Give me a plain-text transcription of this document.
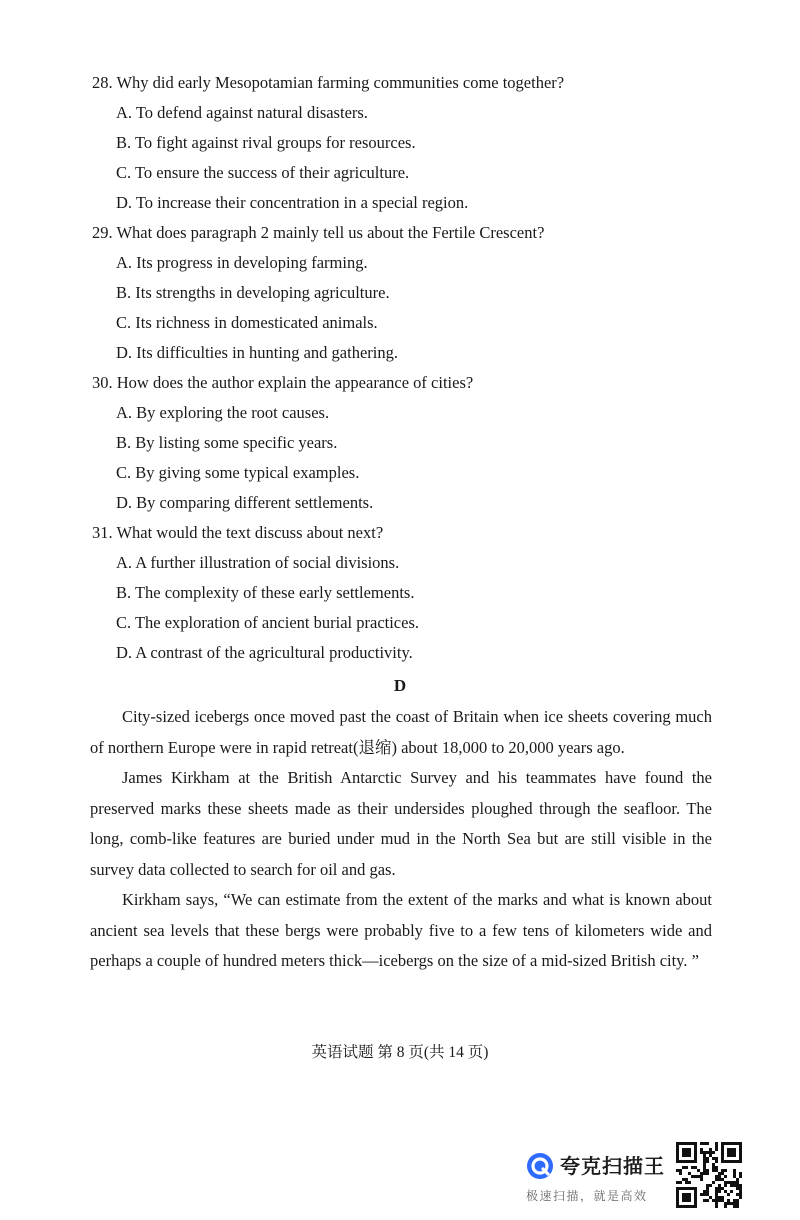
28. Why did early Mesopotamian farming communities come together?
A. To defend against natural disasters.
B. To fight against rival groups for resources.
C. To ensure the success of their agriculture.
D. To increase their concentration in a special region.
29. What does paragraph 2 mainly tell us about the Fertile Crescent?
A. Its progress in developing farming.
B. Its strengths in developing agriculture.
C. Its richness in domesticated animals.
D. Its difficulties in hunting and gathering.
30. How does the author explain the appearance of cities?
A. By exploring the root causes.
B. By listing some specific years.
C. By giving some typical examples.
D. By comparing different settlements.
31. What would the text discuss about next?
A. A further illustration of social divisions.
B. The complexity of these early settlements.
C. The exploration of ancient burial practices.
D. A contrast of the agricultural productivity.
D

City-sized icebergs once moved past the coast of Britain when ice sheets covering much of northern Europe were in rapid retreat(退缩) about 18,000 to 20,000 years ago.

James Kirkham at the British Antarctic Survey and his teammates have found the preserved marks these sheets made as their undersides ploughed through the seafloor. The long, comb-like features are buried under mud in the North Sea but are still visible in the survey data collected to search for oil and gas.

Kirkham says, “We can estimate from the extent of the marks and what is known about ancient sea levels that these bergs were probably five to a few tens of kilometers wide and perhaps a couple of hundred meters thick—icebergs on the size of a mid-sized British city. ”

英语试题 第 8 页(共 14 页)
夸克扫描王
极速扫描，就是高效
